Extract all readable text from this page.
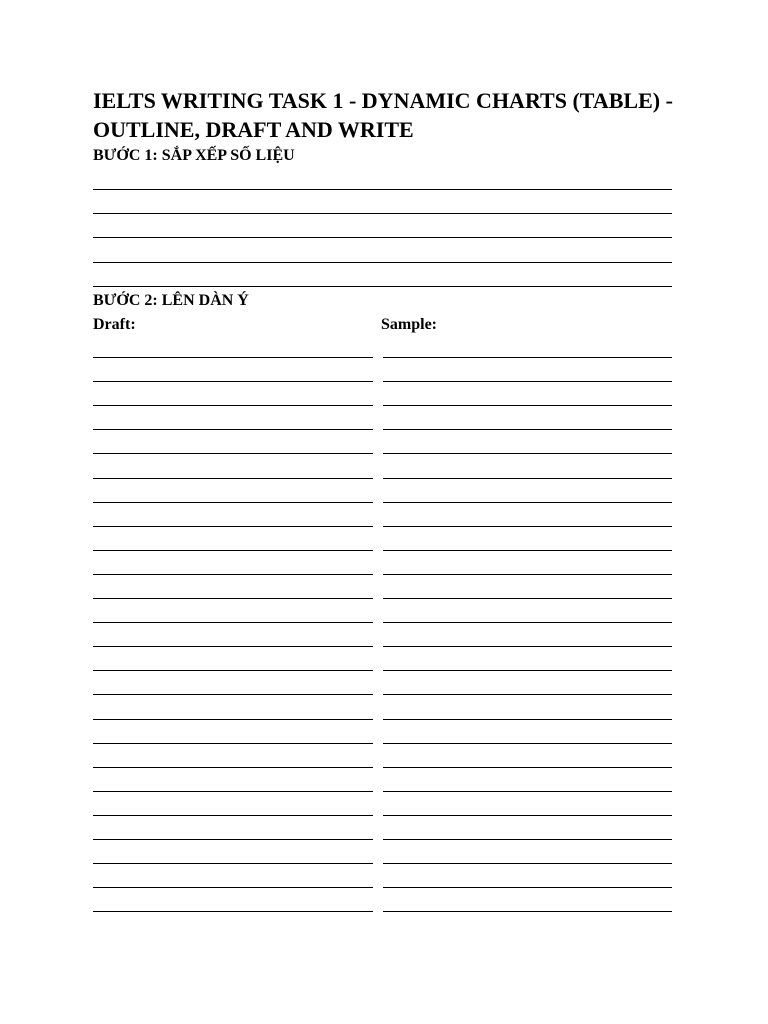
IELTS WRITING TASK 1 - DYNAMIC CHARTS (TABLE) - OUTLINE, DRAFT AND WRITE
BƯỚC 1: SẮP XẾP SỐ LIỆU
BƯỚC 2: LÊN DÀN Ý
Draft:	Sample:
